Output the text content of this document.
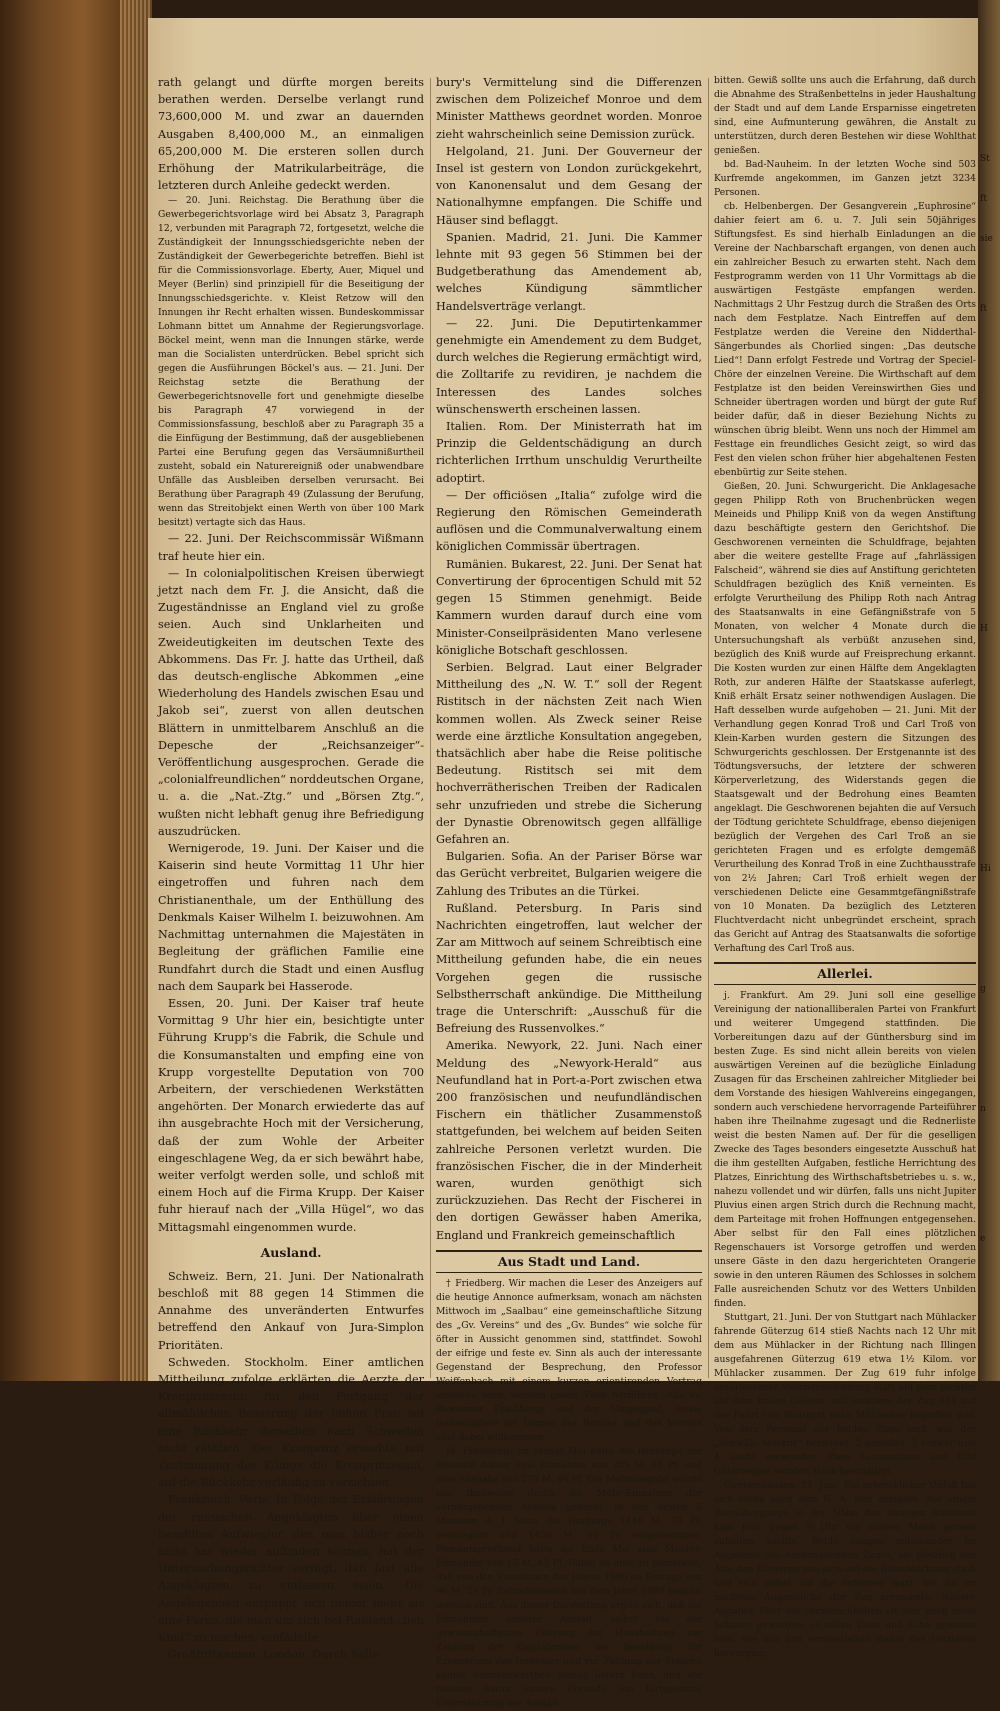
rath gelangt und dürfte morgen bereits berathen werden. Derselbe verlangt rund 73,600,000 M. und zwar an dauernden Ausgaben 8,400,000 M., an einmaligen 65,200,000 M. Die ersteren sollen durch Erhöhung der Matrikularbeiträge, die letzteren durch Anleihe gedeckt werden.

— 20. Juni. Reichstag. Die Berathung über die Gewerbegerichtsvorlage wird bei Absatz 3, Paragraph 12, verbunden mit Paragraph 72, fortgesetzt, welche die Zuständigkeit der Innungsschiedsgerichte neben der Zuständigkeit der Gewerbegerichte betreffen. Biehl ist für die Commissionsvorlage. Eberty, Auer, Miquel und Meyer (Berlin) sind prinzipiell für die Beseitigung der Innungsschiedsgerichte. v. Kleist Retzow will den Innungen ihr Recht erhalten wissen. Bundeskommissar Lohmann bittet um Annahme der Regierungsvorlage. Böckel meint, wenn man die Innungen stärke, werde man die Socialisten unterdrücken. Bebel spricht sich gegen die Ausführungen Böckel's aus. — 21. Juni. Der Reichstag setzte die Berathung der Gewerbegerichtsnovelle fort und genehmigte dieselbe bis Paragraph 47 vorwiegend in der Commissionsfassung, beschloß aber zu Paragraph 35 a die Einfügung der Bestimmung, daß der ausgebliebenen Partei eine Berufung gegen das Versäumnißurtheil zusteht, sobald ein Naturereigniß oder unabwendbare Unfälle das Ausbleiben derselben verursacht. Bei Berathung über Paragraph 49 (Zulassung der Berufung, wenn das Streitobjekt einen Werth von über 100 Mark besitzt) vertagte sich das Haus.

— 22. Juni. Der Reichscommissär Wißmann traf heute hier ein.

— In colonialpolitischen Kreisen überwiegt jetzt nach dem Fr. J. die Ansicht, daß die Zugeständnisse an England viel zu große seien. Auch sind Unklarheiten und Zweideutigkeiten im deutschen Texte des Abkommens. Das Fr. J. hatte das Urtheil, daß das deutsch-englische Abkommen „eine Wiederholung des Handels zwischen Esau und Jakob sei“, zuerst von allen deutschen Blättern in unmittelbarem Anschluß an die Depesche der „Reichsanzeiger“-Veröffentlichung ausgesprochen. Gerade die „colonialfreundlichen“ norddeutschen Organe, u. a. die „Nat.-Ztg.“ und „Börsen Ztg.“, wußten nicht lebhaft genug ihre Befriedigung auszudrücken.

Wernigerode, 19. Juni. Der Kaiser und die Kaiserin sind heute Vormittag 11 Uhr hier eingetroffen und fuhren nach dem Christianenthale, um der Enthüllung des Denkmals Kaiser Wilhelm I. beizuwohnen. Am Nachmittag unternahmen die Majestäten in Begleitung der gräflichen Familie eine Rundfahrt durch die Stadt und einen Ausflug nach dem Saupark bei Hasserode.

Essen, 20. Juni. Der Kaiser traf heute Vormittag 9 Uhr hier ein, besichtigte unter Führung Krupp's die Fabrik, die Schule und die Konsumanstalten und empfing eine von Krupp vorgestellte Deputation von 700 Arbeitern, der verschiedenen Werkstätten angehörten. Der Monarch erwiederte das auf ihn ausgebrachte Hoch mit der Versicherung, daß der zum Wohle der Arbeiter eingeschlagene Weg, da er sich bewährt habe, weiter verfolgt werden solle, und schloß mit einem Hoch auf die Firma Krupp. Der Kaiser fuhr hierauf nach der „Villa Hügel“, wo das Mittagsmahl eingenommen wurde.

Ausland.

Schweiz. Bern, 21. Juni. Der Nationalrath beschloß mit 88 gegen 14 Stimmen die Annahme des unveränderten Entwurfes betreffend den Ankauf von Jura-Simplon Prioritäten.

Schweden. Stockholm. Einer amtlichen Mittheilung zufolge erklärten die Aerzte der Kronprinzessin, für den Fortgang der allmählichen Besserung der hohen Frau sei eine Rückkehr derselben nach Schweden nicht räthlich. Der Kronprinz ersuchte mit Zustimmung des Königs die Kronprinzessin, auf die Rückkehr vorläufig zu verzichten.

Frankreich. Paris. In Folge der Erklärungen der russischen Angeklagten über einen bezahlten Aufwiegler, den man bisher noch nicht hat wieder auffinden können, hat der Untersuchungsrichter verfügt, daß fast alle Angeklagten zu entlassen seien. Die Angelegenheit entpuppt sich immer mehr als eine Farce, die man um sich bei Rußland „lieb Kind“ zu machen, einfädelte.

Großbritannien. London. Durch Salis-

bury's Vermittelung sind die Differenzen zwischen dem Polizeichef Monroe und dem Minister Matthews geordnet worden. Monroe zieht wahrscheinlich seine Demission zurück.

Helgoland, 21. Juni. Der Gouverneur der Insel ist gestern von London zurückgekehrt, von Kanonensalut und dem Gesang der Nationalhymne empfangen. Die Schiffe und Häuser sind beflaggt.

Spanien. Madrid, 21. Juni. Die Kammer lehnte mit 93 gegen 56 Stimmen bei der Budgetberathung das Amendement ab, welches Kündigung sämmtlicher Handelsverträge verlangt.

— 22. Juni. Die Deputirtenkammer genehmigte ein Amendement zu dem Budget, durch welches die Regierung ermächtigt wird, die Zolltarife zu revidiren, je nachdem die Interessen des Landes solches wünschenswerth erscheinen lassen.

Italien. Rom. Der Ministerrath hat im Prinzip die Geldentschädigung an durch richterlichen Irrthum unschuldig Verurtheilte adoptirt.

— Der officiösen „Italia“ zufolge wird die Regierung den Römischen Gemeinderath auflösen und die Communalverwaltung einem königlichen Commissär übertragen.

Rumänien. Bukarest, 22. Juni. Der Senat hat Convertirung der 6procentigen Schuld mit 52 gegen 15 Stimmen genehmigt. Beide Kammern wurden darauf durch eine vom Minister-Conseilpräsidenten Mano verlesene königliche Botschaft geschlossen.

Serbien. Belgrad. Laut einer Belgrader Mittheilung des „N. W. T.“ soll der Regent Ristitsch in der nächsten Zeit nach Wien kommen wollen. Als Zweck seiner Reise werde eine ärztliche Konsultation angegeben, thatsächlich aber habe die Reise politische Bedeutung. Ristitsch sei mit dem hochverrätherischen Treiben der Radicalen sehr unzufrieden und strebe die Sicherung der Dynastie Obrenowitsch gegen allfällige Gefahren an.

Bulgarien. Sofia. An der Pariser Börse war das Gerücht verbreitet, Bulgarien weigere die Zahlung des Tributes an die Türkei.

Rußland. Petersburg. In Paris sind Nachrichten eingetroffen, laut welcher der Zar am Mittwoch auf seinem Schreibtisch eine Mittheilung gefunden habe, die ein neues Vorgehen gegen die russische Selbstherrschaft ankündige. Die Mittheilung trage die Unterschrift: „Ausschuß für die Befreiung des Russenvolkes.“

Amerika. Newyork, 22. Juni. Nach einer Meldung des „Newyork-Herald“ aus Neufundland hat in Port-a-Port zwischen etwa 200 französischen und neufundländischen Fischern ein thätlicher Zusammenstoß stattgefunden, bei welchem auf beiden Seiten zahlreiche Personen verletzt wurden. Die französischen Fischer, die in der Minderheit waren, wurden genöthigt sich zurückzuziehen. Das Recht der Fischerei in den dortigen Gewässer haben Amerika, England und Frankreich gemeinschaftlich

Aus Stadt und Land.

† Friedberg. Wir machen die Leser des Anzeigers auf die heutige Annonce aufmerksam, wonach am nächsten Mittwoch im „Saalbau“ eine gemeinschaftliche Sitzung des „Gv. Vereins“ und des „Gv. Bundes“ wie solche für öfter in Aussicht genommen sind, stattfindet. Sowohl der eifrige und feste ev. Sinn als auch der interessante Gegenstand der Besprechung, den Professor Weiffenbach mit einem kurzen orientirenden Vortrag einleiten wird, werden gewiß Viele herführen. Alle ev. Bewohner Friedbergs und der Umgegend, sowie insbesondere die Damen des Bundes und des Vereins sind dabei willkommen.

M. Friedberg. Im Monat Mai hatte die Herberge zur Heimath dahier eine Einnahme von 205 M. 65 Pf. und eine Ausgabe von 270 M. 84 Pf. Die Mehrausgabe wurde nur theilweise durch die Mehr-Einnahme der vorhergehenden Monate gedeckt. In den ersten 5 Monaten d. J. hatte die Herberge 1446 M. 33 Pf. verausgabt und 1430 M. 90 Pf. eingenommen. Dementsprechend hatte sie Ende Mai eine Minder-Einnahme von 15 M. 43 Pf. Dabei ist aber zu bemerken, daß von den Einnahmen des Jahres 1889 im Betrage von 96 M. 23 Pf. Betriebskosten aus dem Jahre 1889 bezahlt worden sind. Aus dieser Darstellung ergibt sich, daß die Einnahmen unserer Anstalt selbst bei der gewissenhaftesten Führung der Haushaltung zur Zahlung der Kapitalzinsen, der Besoldung, für Erneuerung des Inventars und zur Zahlung der Steuern keinen nennenswerthen Betrag liefern kann, und wir müssen daran unsere Freunde um fortgesetzte Unterstützung der Anstalt

bitten. Gewiß sollte uns auch die Erfahrung, daß durch die Abnahme des Straßenbettelns in jeder Haushaltung der Stadt und auf dem Lande Ersparnisse eingetreten sind, eine Aufmunterung gewähren, die Anstalt zu unterstützen, durch deren Bestehen wir diese Wohlthat genießen.

bd. Bad-Nauheim. In der letzten Woche sind 503 Kurfremde angekommen, im Ganzen jetzt 3234 Personen.

cb. Helbenbergen. Der Gesangverein „Euphrosine“ dahier feiert am 6. u. 7. Juli sein 50jähriges Stiftungsfest. Es sind hierhalb Einladungen an die Vereine der Nachbarschaft ergangen, von denen auch ein zahlreicher Besuch zu erwarten steht. Nach dem Festprogramm werden von 11 Uhr Vormittags ab die auswärtigen Festgäste empfangen werden. Nachmittags 2 Uhr Festzug durch die Straßen des Orts nach dem Festplatze. Nach Eintreffen auf dem Festplatze werden die Vereine den Nidderthal-Sängerbundes als Chorlied singen: „Das deutsche Lied“! Dann erfolgt Festrede und Vortrag der Speciel-Chöre der einzelnen Vereine. Die Wirthschaft auf dem Festplatze ist den beiden Vereinswirthen Gies und Schneider übertragen worden und bürgt der gute Ruf beider dafür, daß in dieser Beziehung Nichts zu wünschen übrig bleibt. Wenn uns noch der Himmel am Festtage ein freundliches Gesicht zeigt, so wird das Fest den vielen schon früher hier abgehaltenen Festen ebenbürtig zur Seite stehen.

Gießen, 20. Juni. Schwurgericht. Die Anklagesache gegen Philipp Roth von Bruchenbrücken wegen Meineids und Philipp Kniß von da wegen Anstiftung dazu beschäftigte gestern den Gerichtshof. Die Geschworenen verneinten die Schuldfrage, bejahten aber die weitere gestellte Frage auf „fahrlässigen Falscheid“, während sie dies auf Anstiftung gerichteten Schuldfragen bezüglich des Kniß verneinten. Es erfolgte Verurtheilung des Philipp Roth nach Antrag des Staatsanwalts in eine Gefängnißstrafe von 5 Monaten, von welcher 4 Monate durch die Untersuchungshaft als verbüßt anzusehen sind, bezüglich des Kniß wurde auf Freisprechung erkannt. Die Kosten wurden zur einen Hälfte dem Angeklagten Roth, zur anderen Hälfte der Staatskasse auferlegt, Kniß erhält Ersatz seiner nothwendigen Auslagen. Die Haft desselben wurde aufgehoben — 21. Juni. Mit der Verhandlung gegen Konrad Troß und Carl Troß von Klein-Karben wurden gestern die Sitzungen des Schwurgerichts geschlossen. Der Erstgenannte ist des Tödtungsversuchs, der letztere der schweren Körperverletzung, des Widerstands gegen die Staatsgewalt und der Bedrohung eines Beamten angeklagt. Die Geschworenen bejahten die auf Versuch der Tödtung gerichtete Schuldfrage, ebenso diejenigen bezüglich der Vergehen des Carl Troß an sie gerichteten Fragen und es erfolgte demgemäß Verurtheilung des Konrad Troß in eine Zuchthausstrafe von 2½ Jahren; Carl Troß erhielt wegen der verschiedenen Delicte eine Gesammtgefängnißstrafe von 10 Monaten. Da bezüglich des Letzteren Fluchtverdacht nicht unbegründet erscheint, sprach das Gericht auf Antrag des Staatsanwalts die sofortige Verhaftung des Carl Troß aus.

Allerlei.

j. Frankfurt. Am 29. Juni soll eine gesellige Vereinigung der nationalliberalen Partei von Frankfurt und weiterer Umgegend stattfinden. Die Vorbereitungen dazu auf der Günthersburg sind im besten Zuge. Es sind nicht allein bereits von vielen auswärtigen Vereinen auf die bezügliche Einladung Zusagen für das Erscheinen zahlreicher Mitglieder bei dem Vorstande des hiesigen Wahlvereins eingegangen, sondern auch verschiedene hervorragende Parteiführer haben ihre Theilnahme zugesagt und die Rednerliste weist die besten Namen auf. Der für die geselligen Zwecke des Tages besonders eingesetzte Ausschuß hat die ihm gestellten Aufgaben, festliche Herrichtung des Platzes, Einrichtung des Wirthschaftsbetriebes u. s. w., nahezu vollendet und wir dürfen, falls uns nicht Jupiter Pluvius einen argen Strich durch die Rechnung macht, dem Parteitage mit frohen Hoffnungen entgegensehen. Aber selbst für den Fall eines plötzlichen Regenschauers ist Vorsorge getroffen und werden unsere Gäste in den dazu hergerichteten Orangerie sowie in den unteren Räumen des Schlosses in solchem Falle ausreichenden Schutz vor des Wetters Unbilden finden.

Stuttgart, 21. Juni. Der von Stuttgart nach Mühlacker fahrende Güterzug 614 stieß Nachts nach 12 Uhr mit dem aus Mühlacker in der Richtung nach Illingen ausgefahrenen Güterzug 619 etwa 1½ Kilom. vor Mühlacker zusammen. Der Zug 619 fuhr infolge unterlassener Weichenbedienung statt auf dem rechten auf dem linken Geleise, auf welchem der Zug 614 auf der Fahrt von Stuttgart nach Mühlacker begriffen war. Von dem Personal der beiden Züge sind, wie der „Schwäb. Merkur“ berichtet, 2 getödtet, 3 schwer und 4 leicht verwundet. Zwei Locomotiven und fünf Güterwagen wurden stark beschädigt.

Guntershausen, 17. Juni. Ein schrecklicher Unfall hat sich heute nach dem G. A. hier ereignet. Auf einem Bahnübergange in der Nähe des hiesigen Bahnhofs kam früh gegen 5 Uhr ein älterer Mann gerade zuhalten suchte. Beide rangen miteinander im Angesicht des herannahenden Zuges, als plötzlich der Alte den Jüngeren von sich auf die Bahnböschung stieß und sich selbst auf die Schienen warf, wo ihn im nächsten Augenblicke der Zug zermalmte. Nähere Angaben über die Persönlichkeiten ist hier noch nicht bekannt geworden, es sollen Vater und Sohn gewesen sein, wie aus den verzweifelten Rufen des Letzteren hervorging.

St
ft
sie
ft
H
Hi
g
n
e
